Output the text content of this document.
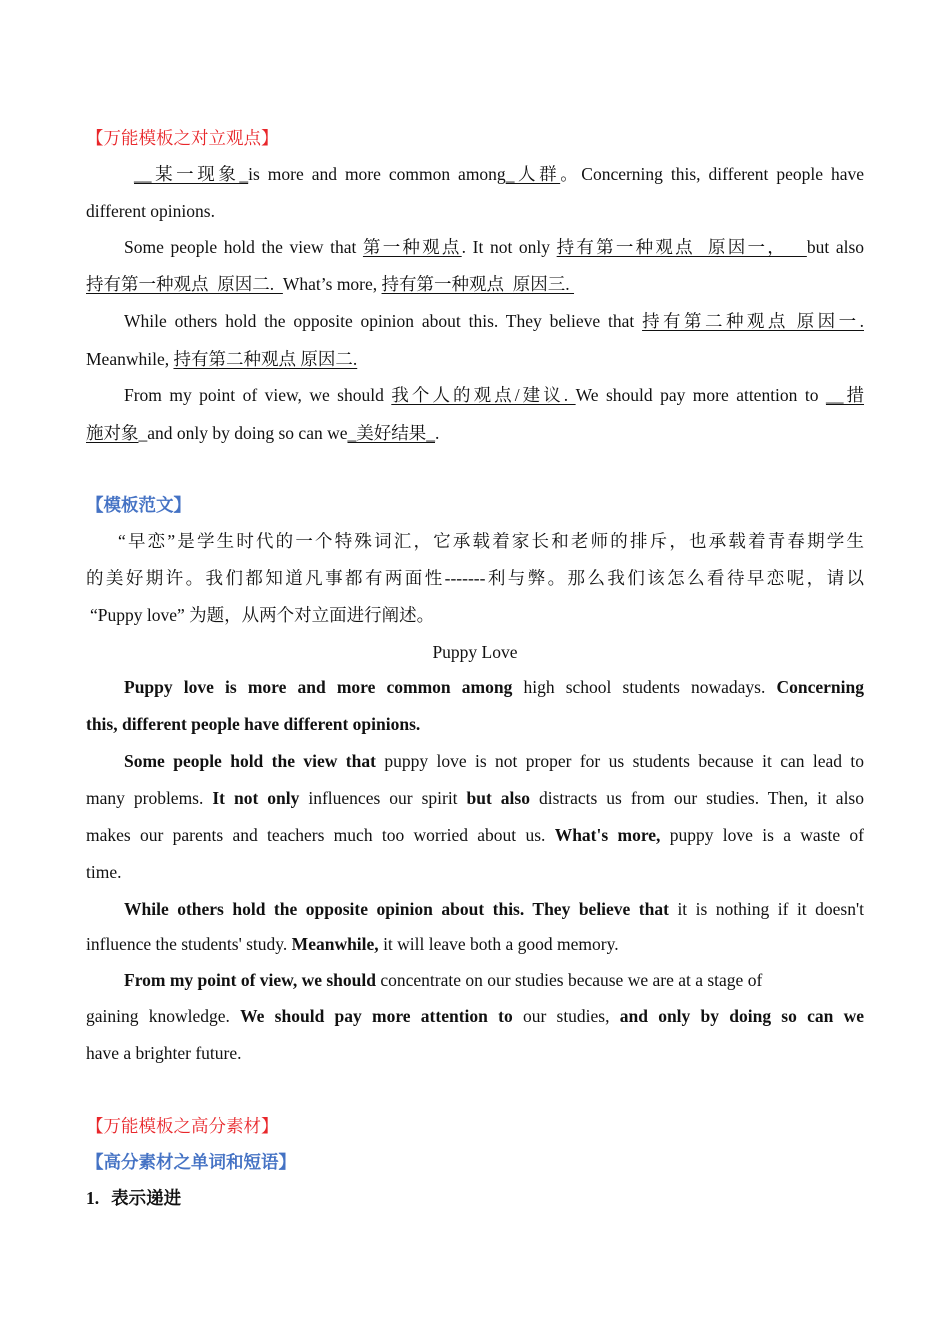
【万能模板之对立观点】
__某一现象_is more and more common among_人群。Concerning this, different people have
different opinions.
Some people hold the view that 第一种观点. It not only 持有第一种观点  原因一，   but also
持有第一种观点  原因二.  What’s more, 持有第一种观点  原因三.
While others hold the opposite opinion about this. They believe that 持有第二种观点 原因一.
Meanwhile, 持有第二种观点 原因二.
From my point of view, we should 我个人的观点/建议. We should pay more attention to __措
施对象_and only by doing so can we_美好结果_.
【模板范文】
“早恋”是学生时代的一个特殊词汇，它承载着家长和老师的排斥，也承载着青春期学生
的美好期许。我们都知道凡事都有两面性-------利与弊。那么我们该怎么看待早恋呢，请以
“Puppy love” 为题，从两个对立面进行阐述。
Puppy Love
Puppy love is more and more common among high school students nowadays. Concerning
this, different people have different opinions.
Some people hold the view that puppy love is not proper for us students because it can lead to
many problems. It not only influences our spirit but also distracts us from our studies. Then, it also
makes our parents and teachers much too worried about us. What's more, puppy love is a waste of
time.
While others hold the opposite opinion about this. They believe that it is nothing if it doesn't
influence the students' study. Meanwhile, it will leave both a good memory.
From my point of view, we should concentrate on our studies because we are at a stage of
gaining knowledge. We should pay more attention to our studies, and only by doing so can we
have a brighter future.
【万能模板之高分素材】
【高分素材之单词和短语】
1. 表示递进
